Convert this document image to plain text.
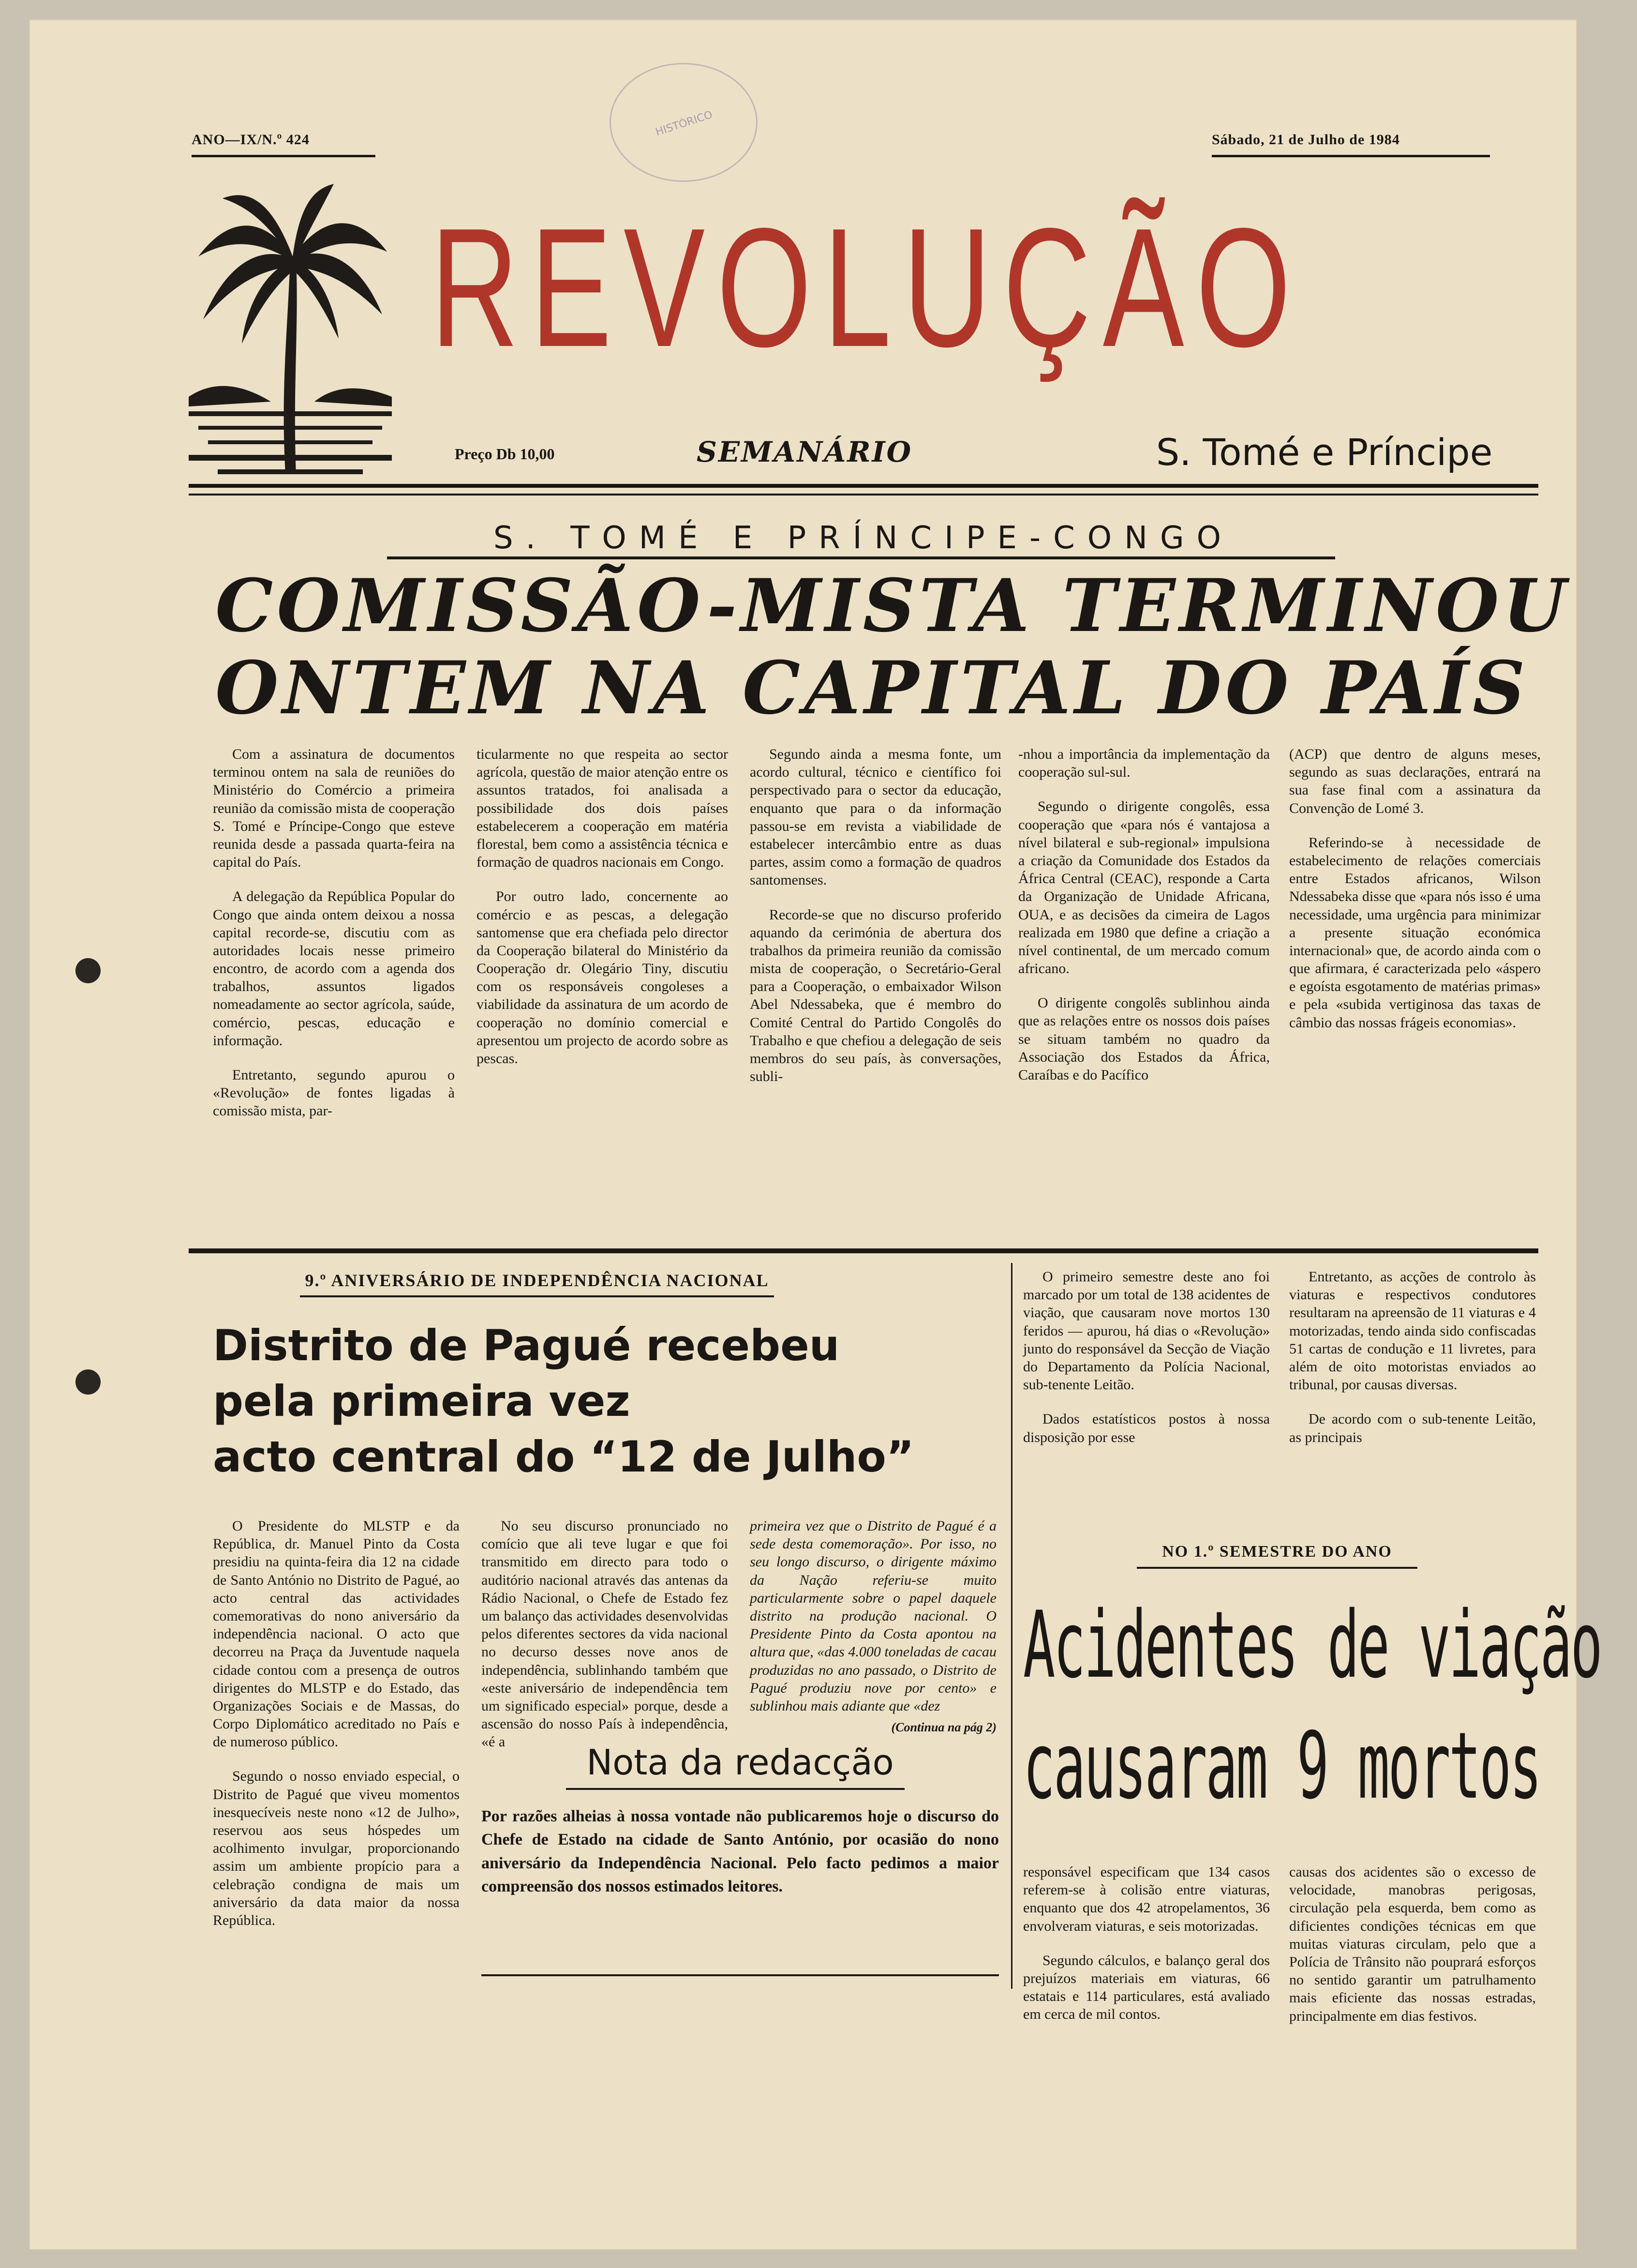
HISTÓRICO
ANO—IX/N.º 424	Sábado, 21 de Julho de 1984
REVOLUÇÃO
Preço Db 10,00	SEMANÁRIO	S. Tomé e Príncipe
S. TOMÉ E PRÍNCIPE-CONGO
COMISSÃO-MISTA TERMINOU
ONTEM NA CAPITAL DO PAÍS

Com a assinatura de documentos terminou ontem na sala de reuniões do Ministério do Comércio a primeira reunião da comissão mista de cooperação S. Tomé e Príncipe-Congo que esteve reunida desde a passada quarta-feira na capital do País.

A delegação da República Popular do Congo que ainda ontem deixou a nossa capital recorde-se, discutiu com as autoridades locais nesse primeiro encontro, de acordo com a agenda dos trabalhos, assuntos ligados nomeadamente ao sector agrícola, saúde, comércio, pescas, educação e informação.

Entretanto, segundo apurou o «Revolução» de fontes ligadas à comissão mista, par-

ticularmente no que respeita ao sector agrícola, questão de maior atenção entre os assuntos tratados, foi analisada a possibilidade dos dois países estabelecerem a cooperação em matéria florestal, bem como a assistência técnica e formação de quadros nacionais em Congo.

Por outro lado, concernente ao comércio e as pescas, a delegação santomense que era chefiada pelo director da Cooperação bilateral do Ministério da Cooperação dr. Olegário Tiny, discutiu com os responsáveis congoleses a viabilidade da assinatura de um acordo de cooperação no domínio comercial e apresentou um projecto de acordo sobre as pescas.

Segundo ainda a mesma fonte, um acordo cultural, técnico e científico foi perspectivado para o sector da educação, enquanto que para o da informação passou-se em revista a viabilidade de estabelecer intercâmbio entre as duas partes, assim como a formação de quadros santomenses.

Recorde-se que no discurso proferido aquando da cerimónia de abertura dos trabalhos da primeira reunião da comissão mista de cooperação, o Secretário-Geral para a Cooperação, o embaixador Wilson Abel Ndessabeka, que é membro do Comité Central do Partido Congolês do Trabalho e que chefiou a delegação de seis membros do seu país, às conversações, subli-

-nhou a importância da implementação da cooperação sul-sul.

Segundo o dirigente congolês, essa cooperação que «para nós é vantajosa a nível bilateral e sub-regional» impulsiona a criação da Comunidade dos Estados da África Central (CEAC), responde a Carta da Organização de Unidade Africana, OUA, e as decisões da cimeira de Lagos realizada em 1980 que define a criação a nível continental, de um mercado comum africano.

O dirigente congolês sublinhou ainda que as relações entre os nossos dois países se situam também no quadro da Associação dos Estados da África, Caraíbas e do Pacífico

(ACP) que dentro de alguns meses, segundo as suas declarações, entrará na sua fase final com a assinatura da Convenção de Lomé 3.

Referindo-se à necessidade de estabelecimento de relações comerciais entre Estados africanos, Wilson Ndessabeka disse que «para nós isso é uma necessidade, uma urgência para minimizar a presente situação económica internacional» que, de acordo ainda com o que afirmara, é caracterizada pelo «áspero e egoísta esgotamento de matérias primas» e pela «subida vertiginosa das taxas de câmbio das nossas frágeis economias».

9.º ANIVERSÁRIO DE INDEPENDÊNCIA NACIONAL
Distrito de Pagué recebeu
pela primeira vez
acto central do “12 de Julho”

O Presidente do MLSTP e da República, dr. Manuel Pinto da Costa presidiu na quinta-feira dia 12 na cidade de Santo António no Distrito de Pagué, ao acto central das actividades comemorativas do nono aniversário da independência nacional. O acto que decorreu na Praça da Juventude naquela cidade contou com a presença de outros dirigentes do MLSTP e do Estado, das Organizações Sociais e de Massas, do Corpo Diplomático acreditado no País e de numeroso público.

Segundo o nosso enviado especial, o Distrito de Pagué que viveu momentos inesquecíveis neste nono «12 de Julho», reservou aos seus hóspedes um acolhimento invulgar, proporcionando assim um ambiente propício para a celebração condigna de mais um aniversário da data maior da nossa República.

No seu discurso pronunciado no comício que ali teve lugar e que foi transmitido em directo para todo o auditório nacional através das antenas da Rádio Nacional, o Chefe de Estado fez um balanço das actividades desenvolvidas pelos diferentes sectores da vida nacional no decurso desses nove anos de independência, sublinhando também que «este aniversário de independência tem um significado especial» porque, desde a ascensão do nosso País à independência, «é a

primeira vez que o Distrito de Pagué é a sede desta comemoração». Por isso, no seu longo discurso, o dirigente máximo da Nação referiu-se muito particularmente sobre o papel daquele distrito na produção nacional. O Presidente Pinto da Costa apontou na altura que, «das 4.000 toneladas de cacau produzidas no ano passado, o Distrito de Pagué produziu nove por cento» e sublinhou mais adiante que «dez

(Continua na pág 2)
Nota da redacção
Por razões alheias à nossa vontade não publicaremos hoje o discurso do Chefe de Estado na cidade de Santo António, por ocasião do nono aniversário da Independência Nacional. Pelo facto pedimos a maior compreensão dos nossos estimados leitores.

O primeiro semestre deste ano foi marcado por um total de 138 acidentes de viação, que causaram nove mortos 130 feridos — apurou, há dias o «Revolução» junto do responsável da Secção de Viação do Departamento da Polícia Nacional, sub-tenente Leitão.

Dados estatísticos postos à nossa disposição por esse

Entretanto, as acções de controlo às viaturas e respectivos condutores resultaram na apreensão de 11 viaturas e 4 motorizadas, tendo ainda sido confiscadas 51 cartas de condução e 11 livretes, para além de oito motoristas enviados ao tribunal, por causas diversas.

De acordo com o sub-tenente Leitão, as principais

NO 1.º SEMESTRE DO ANO
Acidentes de viação
causaram 9 mortos

responsável especificam que 134 casos referem-se à colisão entre viaturas, enquanto que dos 42 atropelamentos, 36 envolveram viaturas, e seis motorizadas.

Segundo cálculos, e balanço geral dos prejuízos materiais em viaturas, 66 estatais e 114 particulares, está avaliado em cerca de mil contos.

causas dos acidentes são o excesso de velocidade, manobras perigosas, circulação pela esquerda, bem como as dificientes condições técnicas em que muitas viaturas circulam, pelo que a Polícia de Trânsito não pouprará esforços no sentido garantir um patrulhamento mais eficiente das nossas estradas, principalmente em dias festivos.
